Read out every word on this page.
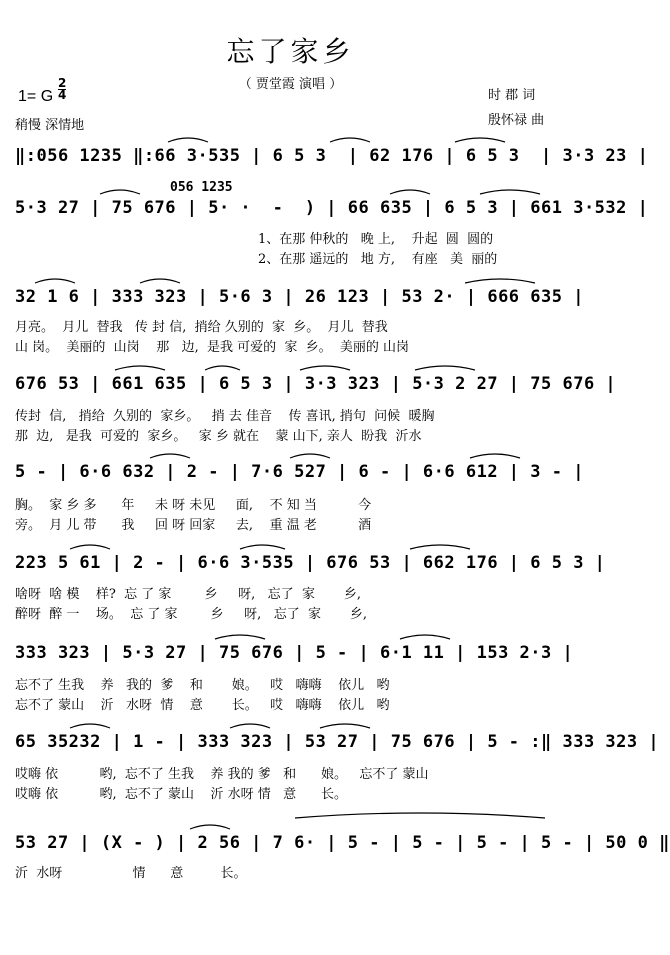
忘了家乡
（ 贾堂霞 演唱 ）
1= G
2
4
稍慢 深情地
时 郡 词
殷怀禄 曲
056 1235
‖:056 1235 ‖:66 3·535 | 6 5 3  | 62 176 | 6 5 3  | 3·3 23 |
5·3 27 | 75 676 | 5· ·  -  ) | 66 635 | 6 5 3 | 661 3·532 |
1、在那 仲秋的   晚 上,    升起  圆  圆的
2、在那 遥远的   地 方,    有座   美  丽的
32 1 6 | 333 323 | 5·6 3 | 26 123 | 53 2· | 666 635 |
月亮。  月儿  替我   传 封 信,  捎给 久别的  家  乡。  月儿  替我
山 岗。  美丽的  山岗    那   边,  是我 可爱的  家  乡。  美丽的 山岗
676 53 | 661 635 | 6 5 3 | 3·3 323 | 5·3 2 27 | 75 676 |
传封  信,   捎给  久别的  家乡。   捎 去 佳音    传 喜讯, 捎句  问候  暖胸
那  边,   是我  可爱的  家乡。   家 乡 就在    蒙 山下, 亲人  盼我  沂水
5 - | 6·6 632 | 2 - | 7·6 527 | 6 - | 6·6 612 | 3 - |
胸。  家 乡 多      年     未 呀 未见     面,    不 知 当          今
旁。  月 儿 带      我     回 呀 回家     去,    重 温 老          酒
223 5 61 | 2 - | 6·6 3·535 | 676 53 | 662 176 | 6 5 3 |
啥呀  啥 模    样?  忘 了 家        乡     呀,   忘了  家       乡,
醉呀  醉 一    场。  忘 了 家        乡     呀,   忘了  家       乡,
333 323 | 5·3 27 | 75 676 | 5 - | 6·1 11 | 153 2·3 |
忘不了 生我    养   我的  爹    和       娘。   哎   嗨嗨    依儿   哟
忘不了 蒙山    沂   水呀  情    意       长。   哎   嗨嗨    依儿   哟
65 35232 | 1 - | 333 323 | 53 27 | 75 676 | 5 - :‖ 333 323 |
哎嗨 依          哟,  忘不了 生我    养 我的 爹   和      娘。   忘不了 蒙山
哎嗨 依          哟,  忘不了 蒙山    沂 水呀 情   意      长。
53 27 | (X - ) | 2 56 | 7 6· | 5 - | 5 - | 5 - | 5 - | 50 0 ‖
沂  水呀                 情      意         长。
